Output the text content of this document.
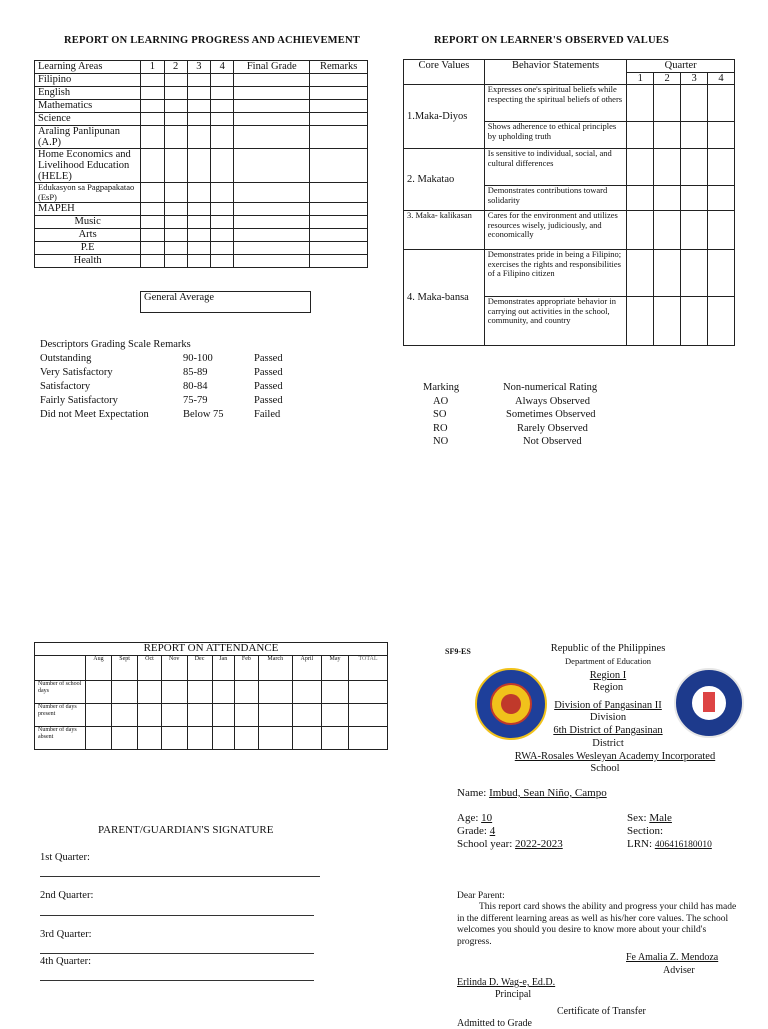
REPORT ON LEARNING PROGRESS AND ACHIEVEMENT
Learning Areas	1	2	3	4	Final Grade	Remarks
Filipino						
English						
Mathematics						
Science						
Araling Panlipunan (A.P)						
Home Economics and Livelihood Education (HELE)						
Edukasyon sa Pagpapakatao (EsP)						
MAPEH						
Music						
Arts						
P.E						
Health						
General Average
Descriptors Grading Scale Remarks
Outstanding	90-100	Passed
Very Satisfactory	85-89	Passed
Satisfactory	80-84	Passed
Fairly Satisfactory	75-79	Passed
Did not Meet Expectation	Below 75	Failed
REPORT ON LEARNER'S OBSERVED VALUES
Core Values	Behavior Statements	Quarter			
		1	2	3	4
1.Maka-Diyos	Expresses one's spiritual beliefs while respecting the spiritual beliefs of others				
	Shows adherence to ethical principles by upholding truth				
2. Makatao	Is sensitive to individual, social, and cultural differences				
	Demonstrates contributions toward solidarity				
3. Maka- kalikasan	Cares for the environment and utilizes resources wisely, judiciously, and economically				
4. Maka-bansa	Demonstrates pride in being a Filipino; exercises the rights and responsibilities of a Filipino citizen				
	Demonstrates appropriate behavior in carrying out activities in the school, community, and country				
Marking	Non-numerical Rating
AO	Always Observed
SO	Sometimes Observed
RO	Rarely Observed
NO	Not Observed
REPORT ON ATTENDANCE											
	Aug	Sept	Oct	Nov	Dec	Jan	Feb	March	April	May	TOTAL
Number of school days											
Number of days present											
Number of days absent											
PARENT/GUARDIAN'S SIGNATURE
1st Quarter:
2nd Quarter:
3rd Quarter:
4th Quarter:
SF9-ES	Republic of the Philippines
Department of Education
Region I
Region
Division of Pangasinan II
Division
6th District of Pangasinan
District
RWA-Rosales Wesleyan Academy Incorporated
School
Name: Imbud, Sean Niño, Campo
Age: 10	Sex: Male
Grade: 4	Section:
School year: 2022-2023	LRN: 406416180010
Dear Parent:
This report card shows the ability and progress your child has made in the different learning areas as well as his/her core values. The school welcomes you should you desire to know more about your child's progress.
Fe Amalia Z. Mendoza
Adviser
Erlinda D. Wag-e, Ed.D.
Principal
Certificate of Transfer
Admitted to Grade
